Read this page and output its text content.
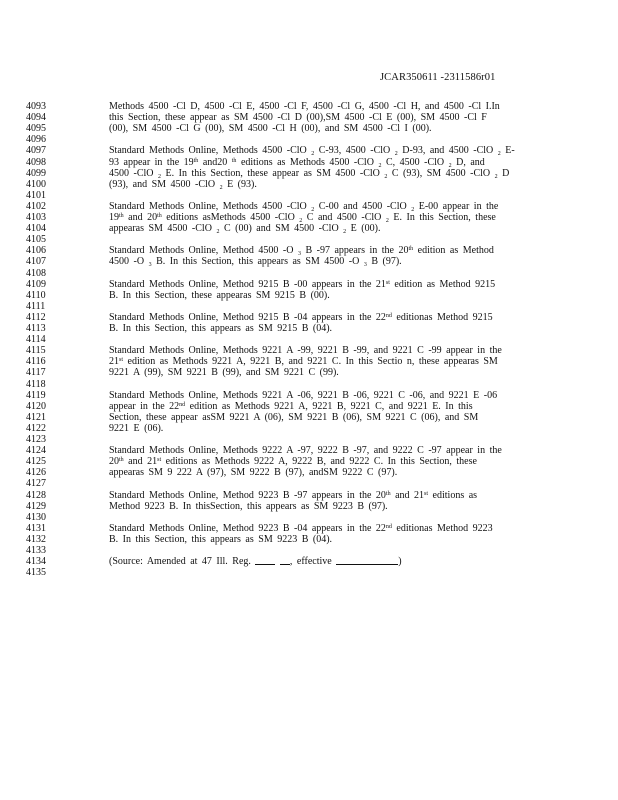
JCAR350611 -2311586r01
4093	Methods 4500 -Cl D, 4500 -Cl E, 4500 -Cl F, 4500 -Cl G, 4500 -Cl H, and 4500 -Cl I.In
4094	this Section, these appear as SM 4500 -Cl D (00),SM 4500 -Cl E (00), SM 4500 -Cl F
4095	(00), SM 4500 -Cl G (00), SM 4500 -Cl H (00), and SM 4500 -Cl I (00).
4096
4097	Standard Methods Online, Methods 4500 -ClO $_2$ C-93, 4500 -ClO $_2$ D-93, and 4500 -ClO $_2$ E-
4098	93 appear in the 19th and20 $^{th}$ editions as Methods 4500 -ClO $_2$ C, 4500 -ClO $_2$ D, and
4099	4500 -ClO $_2$ E. In this Section, these appear as SM 4500 -ClO $_2$ C (93), SM 4500 -ClO $_2$ D
4100	(93), and SM 4500 -ClO $_2$ E (93).
4101
4102	Standard Methods Online, Methods 4500 -ClO $_2$ C-00 and 4500 -ClO $_2$ E-00 appear in the
4103	19th and 20th editions asMethods 4500 -ClO $_2$ C and 4500 -ClO $_2$ E. In this Section, these
4104	appearas SM 4500 -ClO $_2$ C (00) and SM 4500 -ClO $_2$ E (00).
4105
4106	Standard Methods Online, Method 4500 -O $_3$ B -97 appears in the 20th edition as Method
4107	4500 -O $_3$ B. In this Section, this appears as SM 4500 -O $_3$ B (97).
4108
4109	Standard Methods Online, Method 9215 B -00 appears in the 21st edition as Method 9215
4110	B. In this Section, these appearas SM 9215 B (00).
4111
4112	Standard Methods Online, Method 9215 B -04 appears in the 22nd editionas Method 9215
4113	B. In this Section, this appears as SM 9215 B (04).
4114
4115	Standard Methods Online, Methods 9221 A -99, 9221 B -99, and 9221 C -99 appear in the
4116	21st edition as Methods 9221 A, 9221 B, and 9221 C. In this Sectio n, these appearas SM
4117	9221 A (99), SM 9221 B (99), and SM 9221 C (99).
4118
4119	Standard Methods Online, Methods 9221 A -06, 9221 B -06, 9221 C -06, and 9221 E -06
4120	appear in the 22nd edition as Methods 9221 A, 9221 B, 9221 C, and 9221 E. In this
4121	Section, these appear asSM 9221 A (06), SM 9221 B (06), SM 9221 C (06), and SM
4122	9221 E (06).
4123
4124	Standard Methods Online, Methods 9222 A -97, 9222 B -97, and 9222 C -97 appear in the
4125	20th and 21st editions as Methods 9222 A, 9222 B, and 9222 C. In this Section, these
4126	appearas SM 9 222 A (97), SM 9222 B (97), andSM 9222 C (97).
4127
4128	Standard Methods Online, Method 9223 B -97 appears in the 20th and 21st editions as
4129	Method 9223 B. In thisSection, this appears as SM 9223 B (97).
4130
4131	Standard Methods Online, Method 9223 B -04 appears in the 22nd editionas Method 9223
4132	B. In this Section, this appears as SM 9223 B (04).
4133
4134	(Source: Amended at 47 Ill. Reg.	, effective	)
4135
